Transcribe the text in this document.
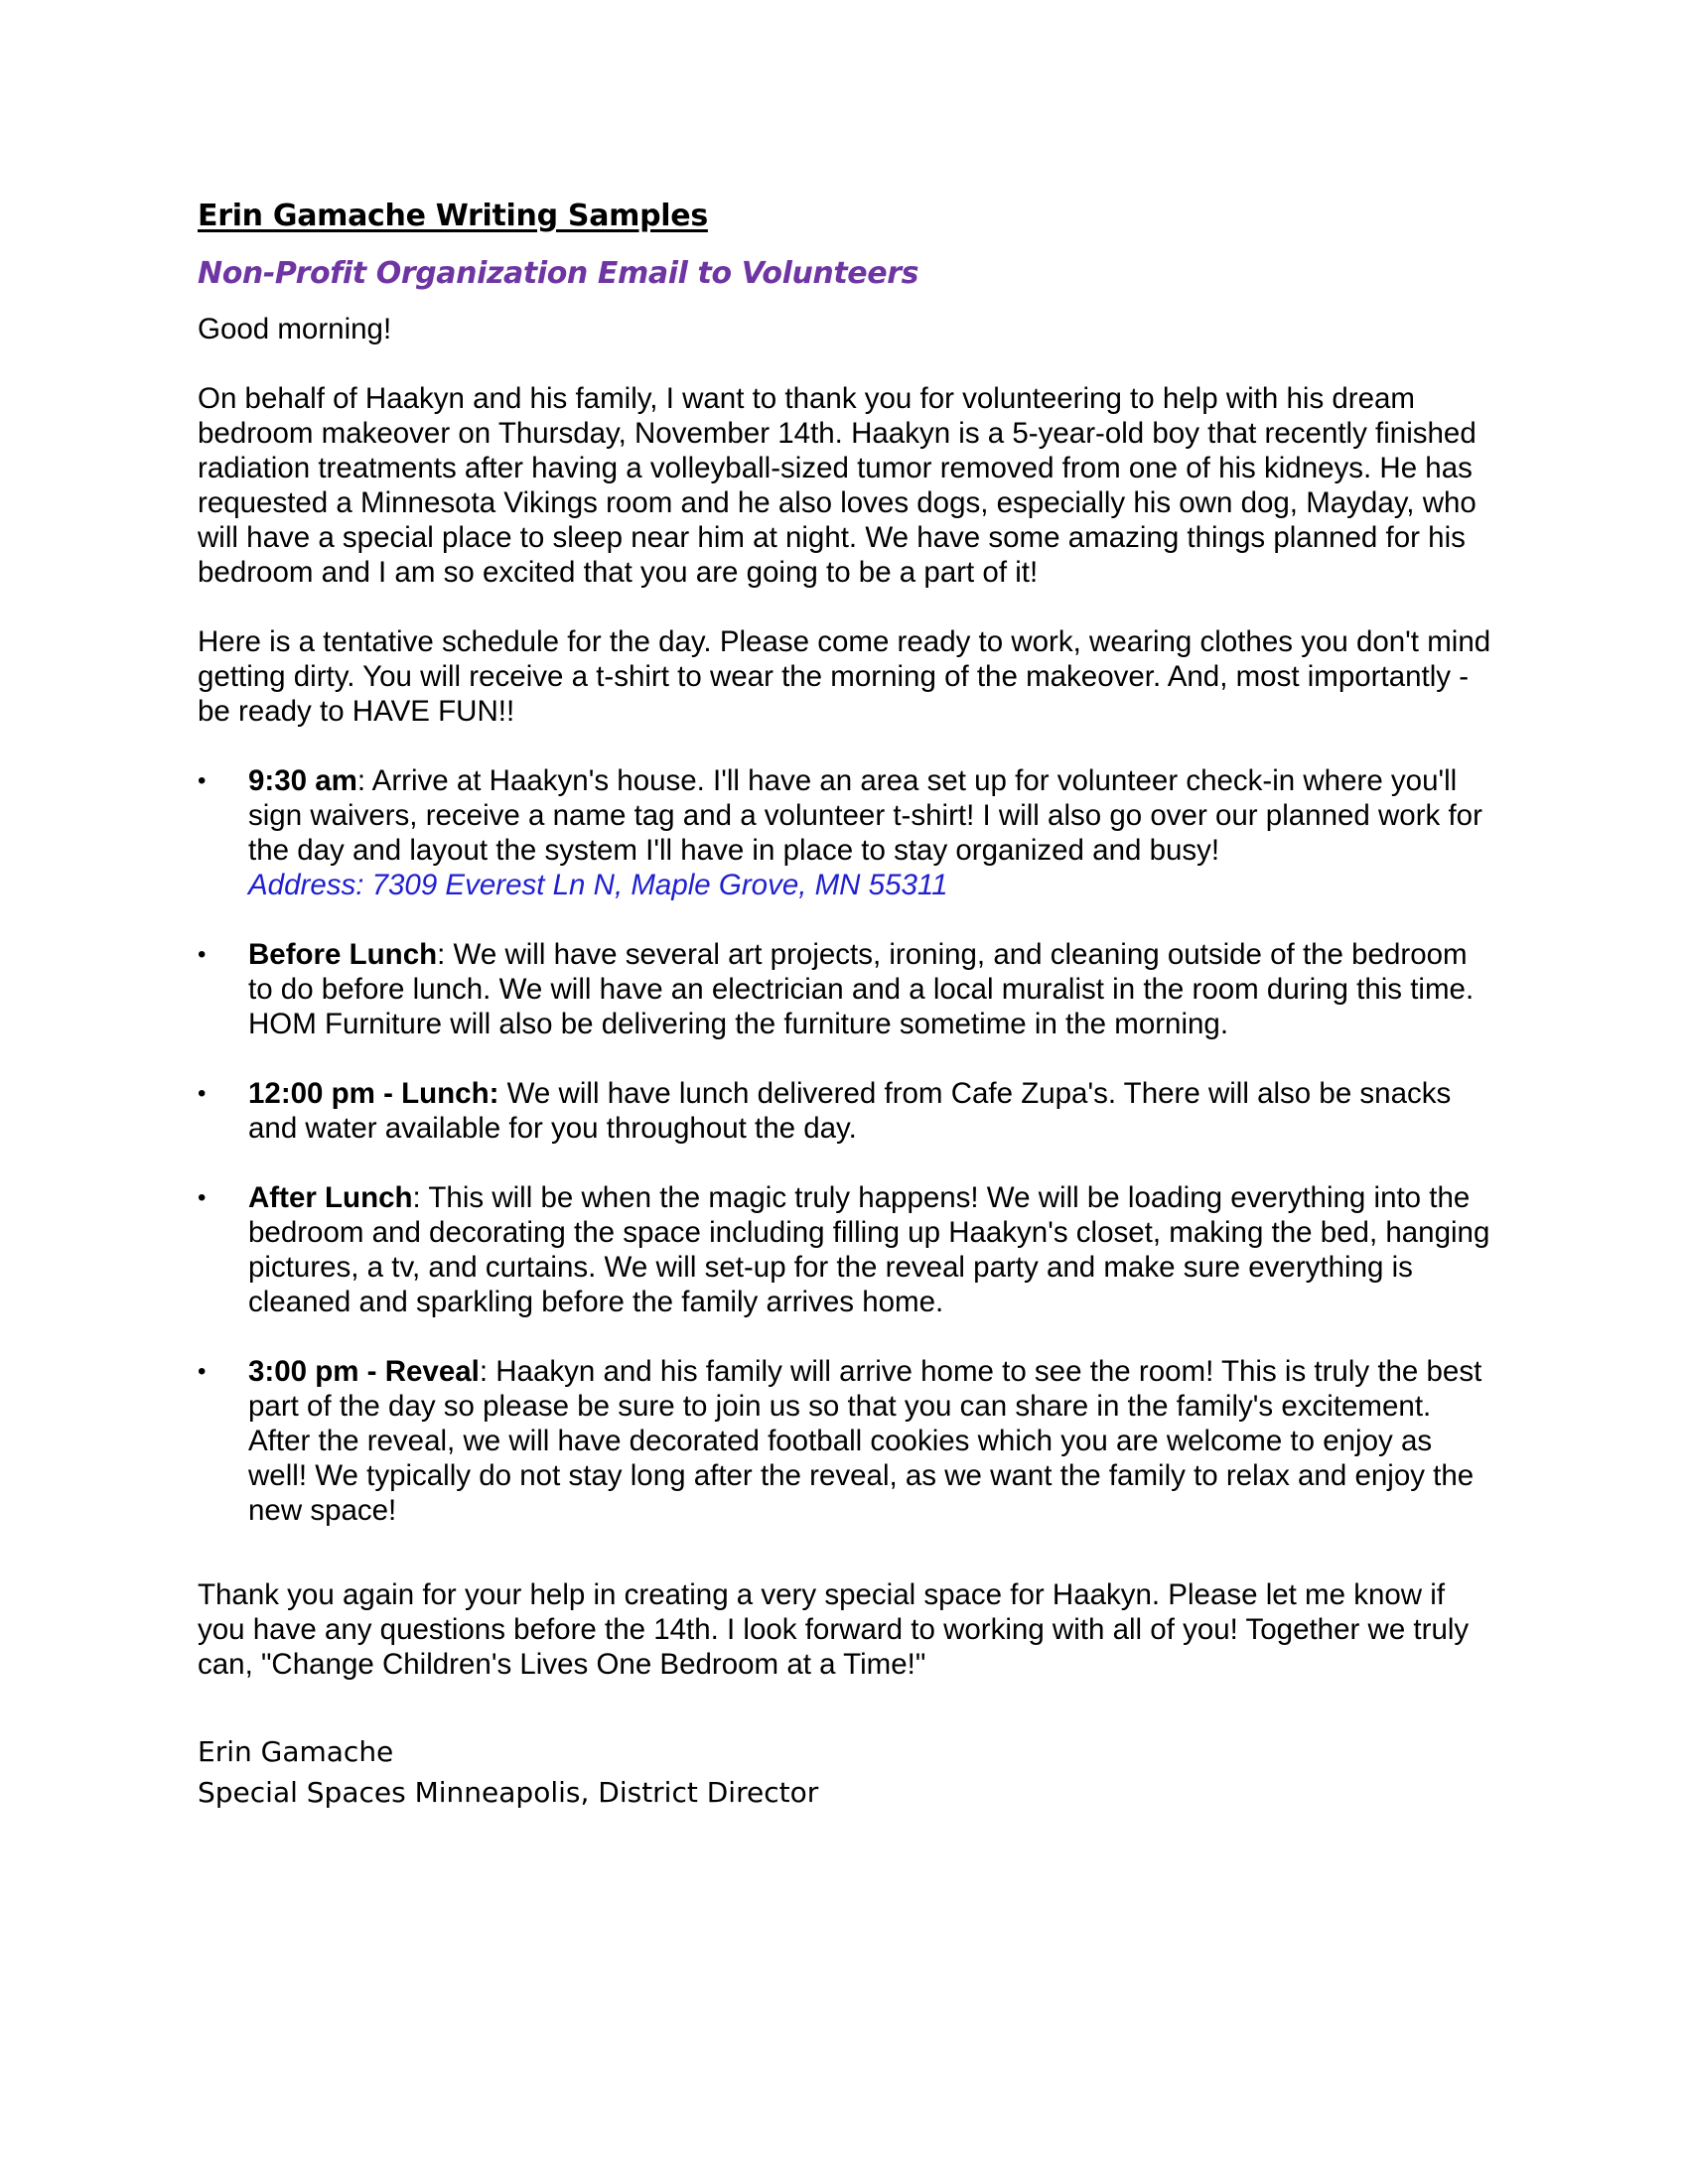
Erin Gamache Writing Samples
Non-Profit Organization Email to Volunteers

Good morning!

On behalf of Haakyn and his family, I want to thank you for volunteering to help with his dream bedroom makeover on Thursday, November 14th. Haakyn is a 5-year-old boy that recently finished radiation treatments after having a volleyball-sized tumor removed from one of his kidneys. He has requested a Minnesota Vikings room and he also loves dogs, especially his own dog, Mayday, who will have a special place to sleep near him at night. We have some amazing things planned for his bedroom and I am so excited that you are going to be a part of it!

Here is a tentative schedule for the day. Please come ready to work, wearing clothes you don't mind getting dirty. You will receive a t-shirt to wear the morning of the makeover. And, most importantly - be ready to HAVE FUN!!

•	9:30 am: Arrive at Haakyn's house. I'll have an area set up for volunteer check-in where you'll sign waivers, receive a name tag and a volunteer t-shirt! I will also go over our planned work for the day and layout the system I'll have in place to stay organized and busy!
Address: 7309 Everest Ln N, Maple Grove, MN 55311
•	Before Lunch: We will have several art projects, ironing, and cleaning outside of the bedroom to do before lunch. We will have an electrician and a local muralist in the room during this time. HOM Furniture will also be delivering the furniture sometime in the morning.
•	12:00 pm - Lunch: We will have lunch delivered from Cafe Zupa's. There will also be snacks and water available for you throughout the day.
•	After Lunch: This will be when the magic truly happens! We will be loading everything into the bedroom and decorating the space including filling up Haakyn's closet, making the bed, hanging pictures, a tv, and curtains. We will set-up for the reveal party and make sure everything is cleaned and sparkling before the family arrives home.
•	3:00 pm - Reveal: Haakyn and his family will arrive home to see the room! This is truly the best part of the day so please be sure to join us so that you can share in the family's excitement. After the reveal, we will have decorated football cookies which you are welcome to enjoy as well! We typically do not stay long after the reveal, as we want the family to relax and enjoy the new space!

Thank you again for your help in creating a very special space for Haakyn. Please let me know if you have any questions before the 14th. I look forward to working with all of you! Together we truly can, "Change Children's Lives One Bedroom at a Time!"

Erin Gamache
Special Spaces Minneapolis, District Director
